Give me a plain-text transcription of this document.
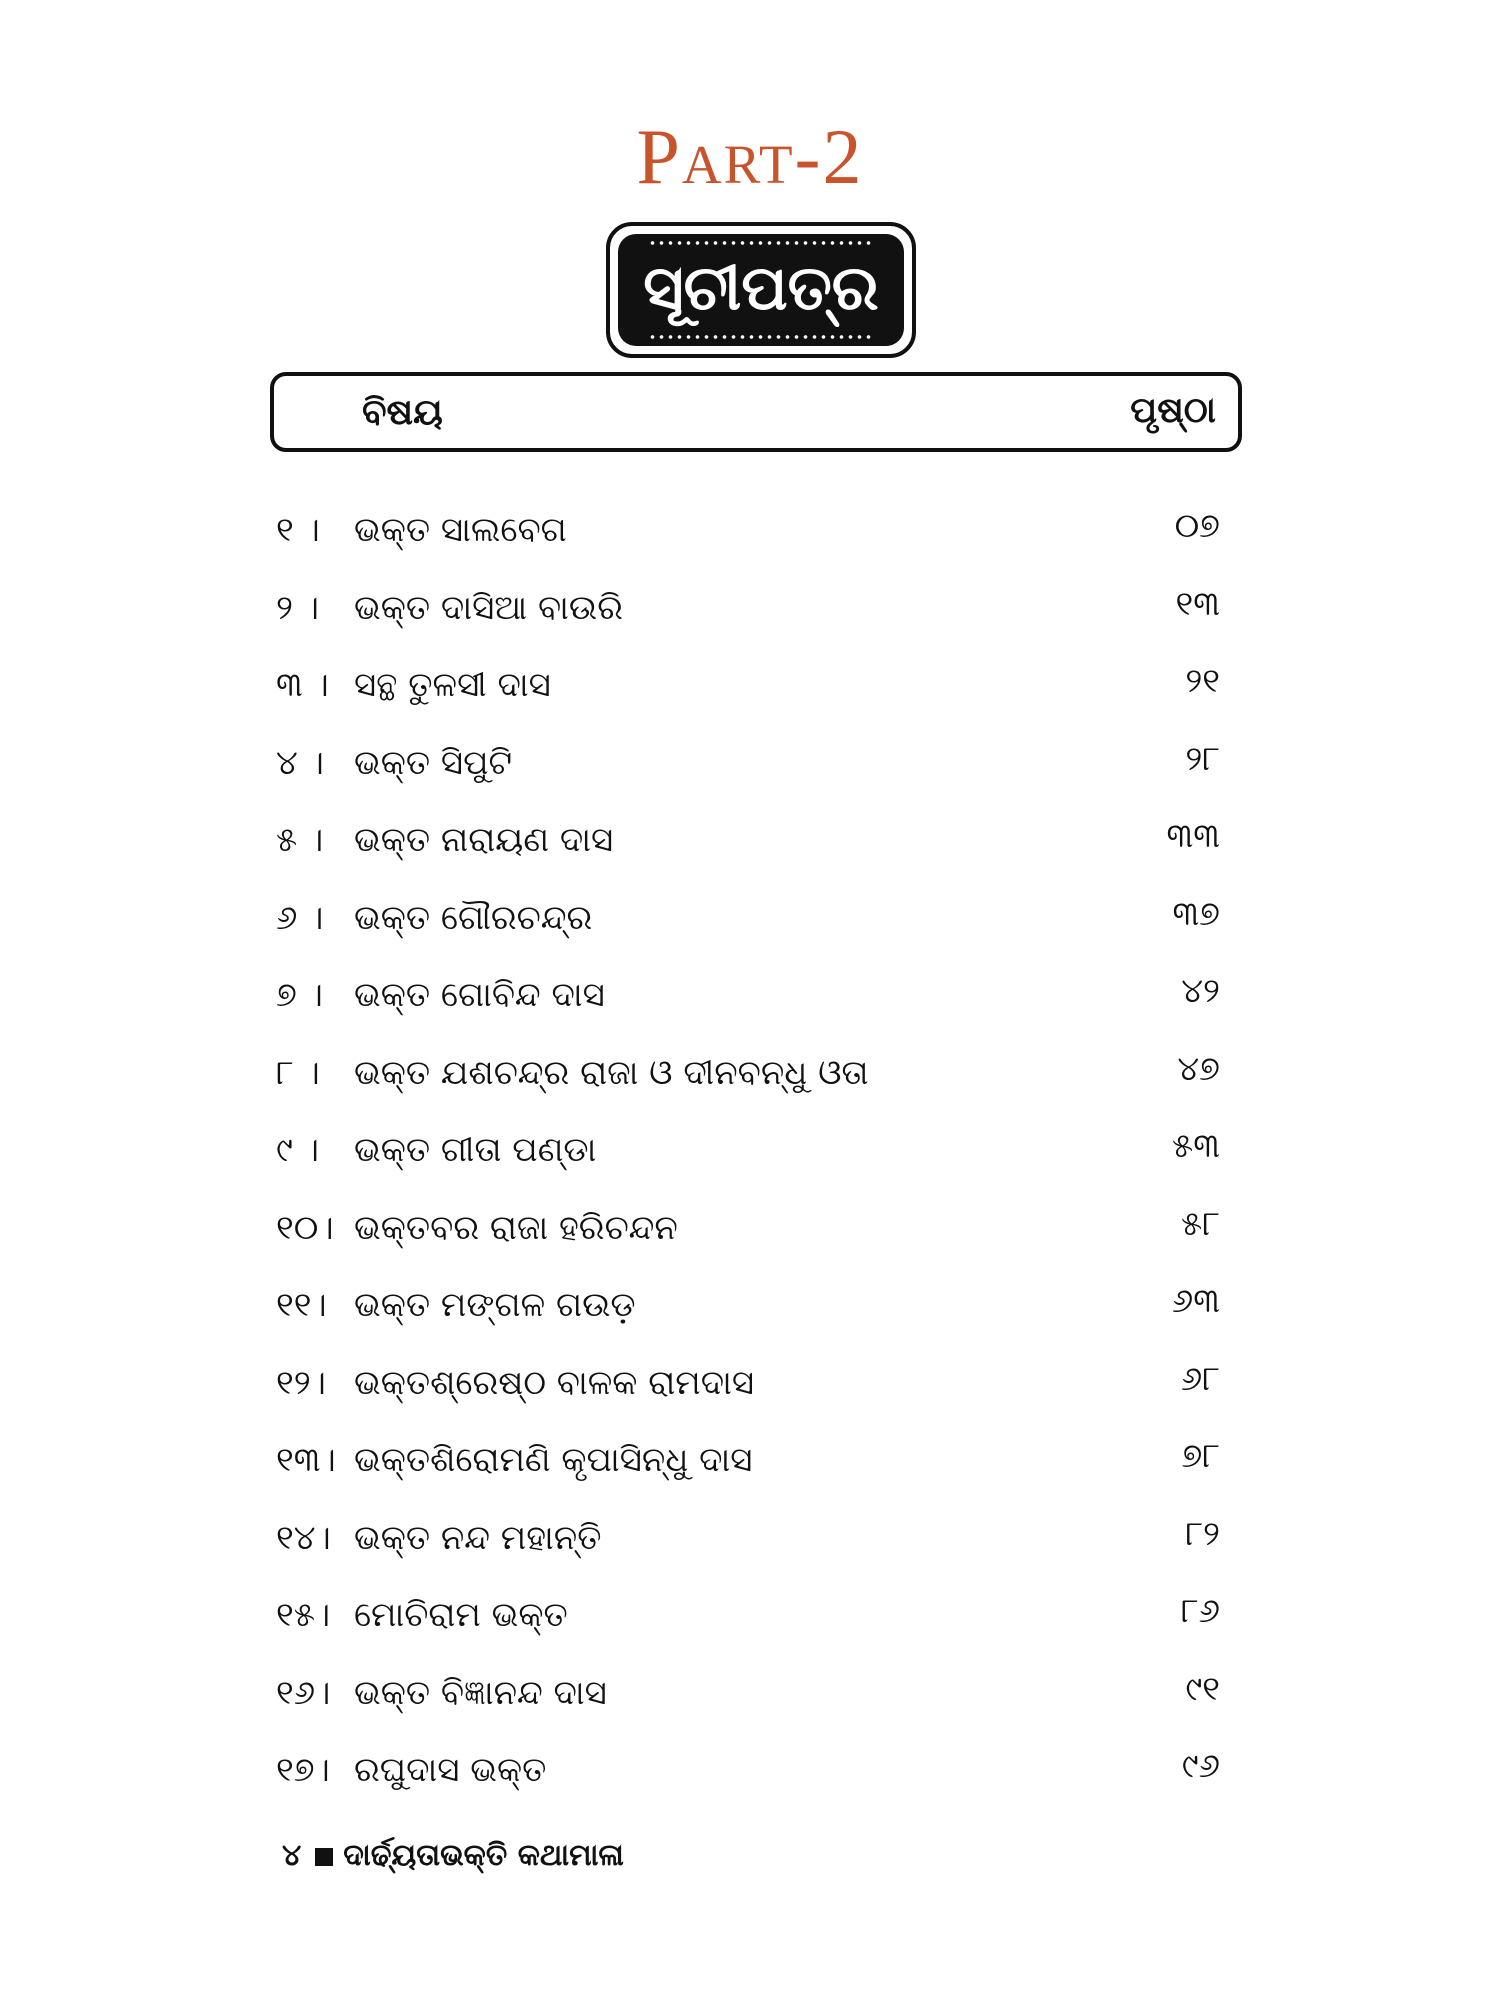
Part-2
ସୂଚୀପତ୍ର
ବିଷୟ	ପୃଷ୍ଠା
୧ ।	ଭକ୍ତ ସାଲବେଗ	୦୭
୨ ।	ଭକ୍ତ ଦାସିଆ ବାଉରି	୧୩
୩ । ସନ୍ଥ ତୁଳସୀ ଦାସ	୨୧
୪ । ଭକ୍ତ ସିପୁଟି	୨୮
୫ । ଭକ୍ତ ନାରାୟଣ ଦାସ	୩୩
୬ । ଭକ୍ତ ଗୌରଚନ୍ଦ୍ର	୩୭
୭ । ଭକ୍ତ ଗୋବିନ୍ଦ ଦାସ	୪୨
୮ ।	ଭକ୍ତ ଯଶଚନ୍ଦ୍ର ରାଜା ଓ ଦୀନବନ୍ଧୁ ଓତା	୪୭
୯ ।	ଭକ୍ତ ଗୀତା ପଣ୍ଡା	୫୩
୧୦। ଭକ୍ତବର ରାଜା ହରିଚନ୍ଦନ	୫୮
୧୧। ଭକ୍ତ ମଙ୍ଗଳ ଗଉଡ଼	୬୩
୧୨। ଭକ୍ତଶ୍ରେଷ୍ଠ ବାଳକ ରାମଦାସ	୬୮
୧୩। ଭକ୍ତଶିରୋମଣି କୃପାସିନ୍ଧୁ ଦାସ	୭୮
୧୪। ଭକ୍ତ ନନ୍ଦ ମହାନ୍ତି	୮୨
୧୫। ମୋଚିରାମ ଭକ୍ତ	୮୬
୧୬। ଭକ୍ତ ବିଜ୍ଞାନନ୍ଦ ଦାସ	୯୧
୧୭। ରଘୁଦାସ ଭକ୍ତ	୯୬
୪ ଦାର୍ଢ୍ୟତାଭକ୍ତି କଥାମାଳା
